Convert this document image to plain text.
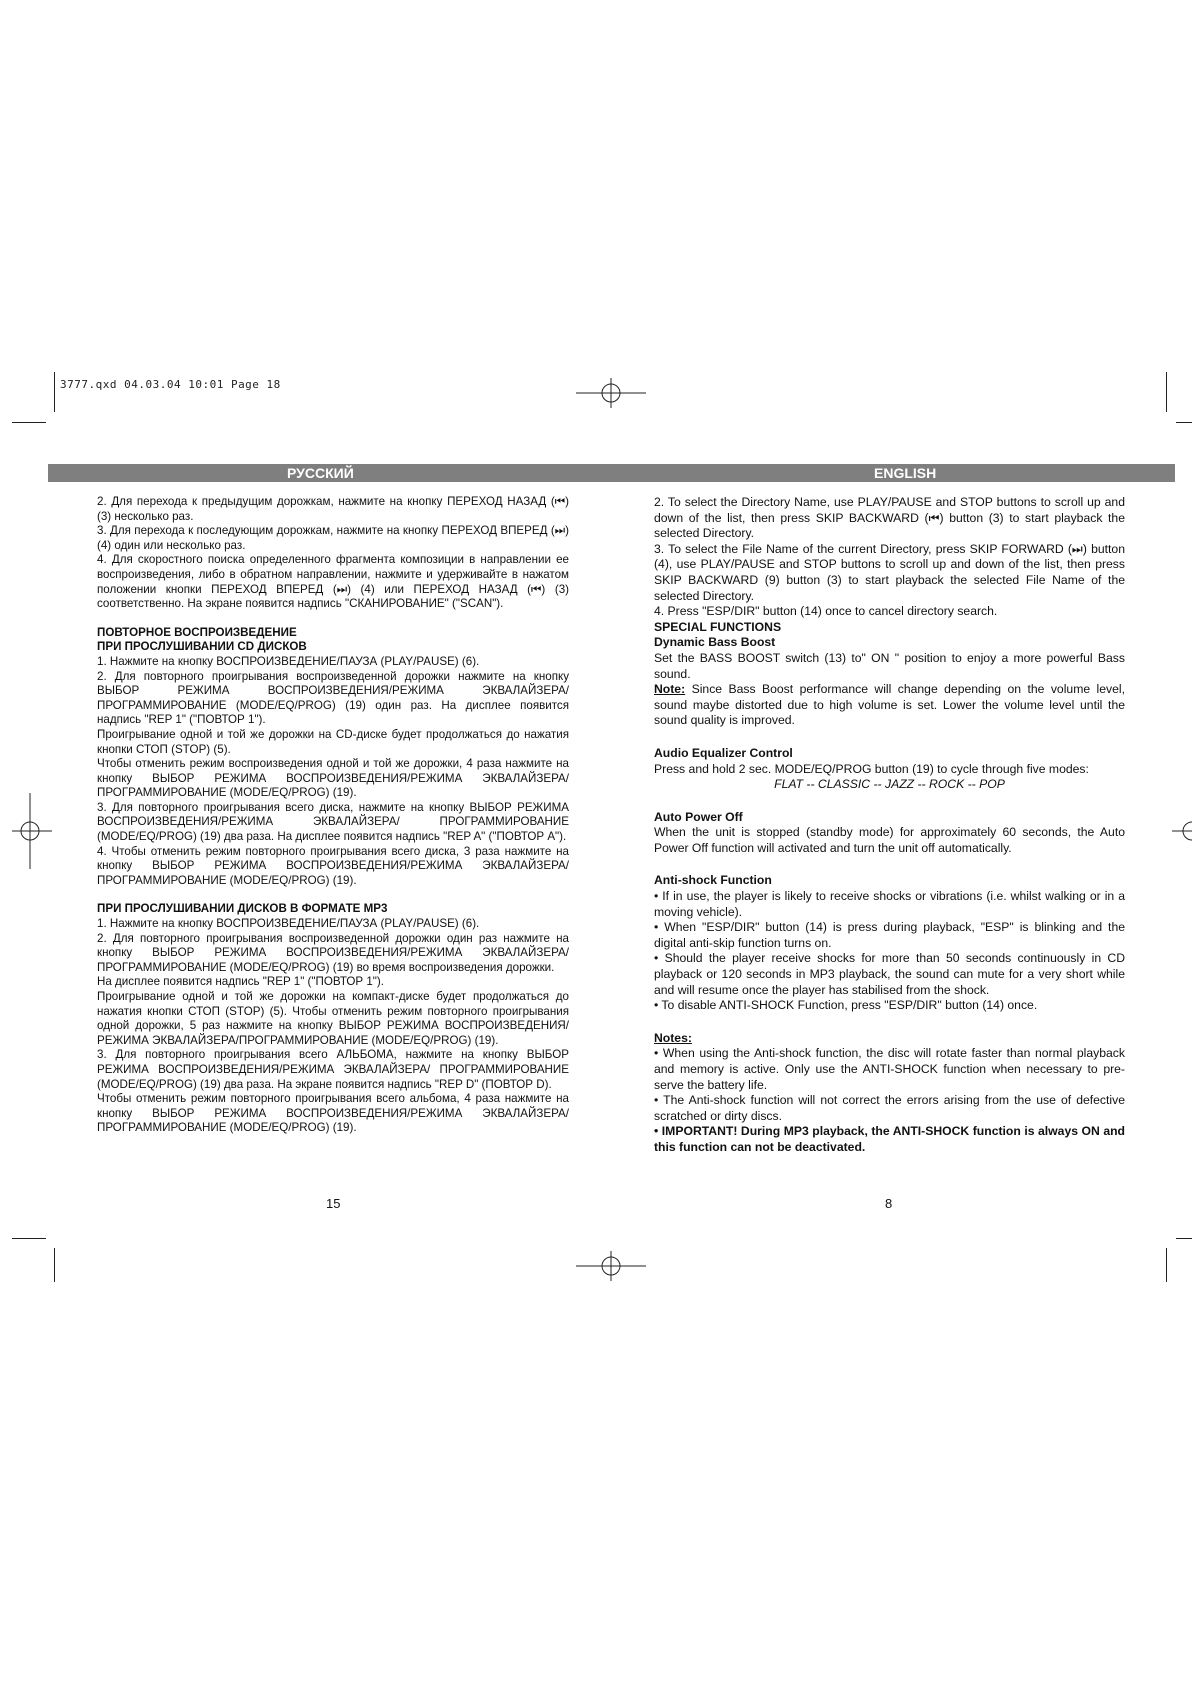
3777.qxd 04.03.04 10:01 Page 18
РУССКИЙ	ENGLISH

2. Для перехода к предыдущим дорожкам, нажмите на кнопку ПЕРЕХОД НАЗАД (⏮) (3) несколько раз.

3. Для перехода к последующим дорожкам, нажмите на кнопку ПЕРЕХОД ВПЕРЕД (⏭) (4) один или несколько раз.

4. Для скоростного поиска определенного фрагмента композиции в направлении ее воспроизведения, либо в обратном направлении, нажмите и удерживайте в нажатом положении кнопки ПЕРЕХОД ВПЕРЕД (⏭) (4) или ПЕРЕХОД НАЗАД (⏮) (3) соответственно. На экране появится надпись "СКАНИРОВАНИЕ" ("SCAN").

ПОВТОРНОЕ ВОСПРОИЗВЕДЕНИЕ
ПРИ ПРОСЛУШИВАНИИ CD ДИСКОВ

1. Нажмите на кнопку ВОСПРОИЗВЕДЕНИЕ/ПАУЗА (PLAY/PAUSE) (6).

2. Для повторного проигрывания воспроизведенной дорожки нажмите на кнопку ВЫБОР РЕЖИМА ВОСПРОИЗВЕДЕНИЯ/РЕЖИМА ЭКВАЛАЙЗЕРА/ ПРОГРАММИРОВАНИЕ (MODE/EQ/PROG) (19) один раз. На дисплее появится надпись "REP 1" ("ПОВТОР 1").

Проигрывание одной и той же дорожки на CD-диске будет продолжаться до нажатия кнопки СТОП (STOP) (5).

Чтобы отменить режим воспроизведения одной и той же дорожки, 4 раза нажмите на кнопку ВЫБОР РЕЖИМА ВОСПРОИЗВЕДЕНИЯ/РЕЖИМА ЭКВАЛАЙЗЕРА/ ПРОГРАММИРОВАНИЕ (MODE/EQ/PROG) (19).

3. Для повторного проигрывания всего диска, нажмите на кнопку ВЫБОР РЕЖИМА ВОСПРОИЗВЕДЕНИЯ/РЕЖИМА ЭКВАЛАЙЗЕРА/ ПРОГРАММИРОВАНИЕ (MODE/EQ/PROG) (19) два раза. На дисплее появится надпись "REP A" ("ПОВТОР A").

4. Чтобы отменить режим повторного проигрывания всего диска, 3 раза нажмите на кнопку ВЫБОР РЕЖИМА ВОСПРОИЗВЕДЕНИЯ/РЕЖИМА ЭКВАЛАЙЗЕРА/ ПРОГРАММИРОВАНИЕ (MODE/EQ/PROG) (19).

ПРИ ПРОСЛУШИВАНИИ ДИСКОВ В ФОРМАТЕ MP3

1. Нажмите на кнопку ВОСПРОИЗВЕДЕНИЕ/ПАУЗА (PLAY/PAUSE) (6).

2. Для повторного проигрывания воспроизведенной дорожки один раз нажмите на кнопку ВЫБОР РЕЖИМА ВОСПРОИЗВЕДЕНИЯ/РЕЖИМА ЭКВАЛАЙЗЕРА/ПРОГРАММИРОВАНИЕ (MODE/EQ/PROG) (19) во время воспроизведения дорожки.

На дисплее появится надпись "REP 1" ("ПОВТОР 1").

Проигрывание одной и той же дорожки на компакт-диске будет продолжаться до нажатия кнопки СТОП (STOP) (5). Чтобы отменить режим повторного проигрывания одной дорожки, 5 раз нажмите на кнопку ВЫБОР РЕЖИМА ВОСПРОИЗВЕДЕНИЯ/ РЕЖИМА ЭКВАЛАЙЗЕРА/ПРОГРАММИРОВАНИЕ (MODE/EQ/PROG) (19).

3. Для повторного проигрывания всего АЛЬБОМА, нажмите на кнопку ВЫБОР РЕЖИМА ВОСПРОИЗВЕДЕНИЯ/РЕЖИМА ЭКВАЛАЙЗЕРА/ ПРОГРАММИРОВАНИЕ (MODE/EQ/PROG) (19) два раза. На экране появится надпись "REP D" (ПОВТОР D).

Чтобы отменить режим повторного проигрывания всего альбома, 4 раза нажмите на кнопку ВЫБОР РЕЖИМА ВОСПРОИЗВЕДЕНИЯ/РЕЖИМА ЭКВАЛАЙЗЕРА/ ПРОГРАММИРОВАНИЕ (MODE/EQ/PROG) (19).

2. To select the Directory Name, use PLAY/PAUSE and STOP buttons to scroll up and down of the list, then press SKIP BACKWARD (⏮) button (3) to start playback the selected Directory.

3. To select the File Name of the current Directory, press SKIP FORWARD (⏭) button (4), use PLAY/PAUSE and STOP buttons to scroll up and down of the list, then press SKIP BACKWARD (9) button (3) to start playback the selected File Name of the selected Directory.

4. Press "ESP/DIR" button (14) once to cancel directory search.

SPECIAL FUNCTIONS
Dynamic Bass Boost

Set the BASS BOOST switch (13) to" ON " position to enjoy a more powerful Bass sound.

Note: Since Bass Boost performance will change depending on the volume level, sound maybe distorted due to high volume is set. Lower the volume level until the sound quality is improved.

Audio Equalizer Control

Press and hold 2 sec. MODE/EQ/PROG button (19) to cycle through five modes:

FLAT -- CLASSIC -- JAZZ -- ROCK -- POP

Auto Power Off

When the unit is stopped (standby mode) for approximately 60 seconds, the Auto Power Off function will activated and turn the unit off automatically.

Anti-shock Function

• If in use, the player is likely to receive shocks or vibrations (i.e. whilst walking or in a moving vehicle).

• When "ESP/DIR" button (14) is press during playback, "ESP" is blinking and the digital anti-skip function turns on.

• Should the player receive shocks for more than 50 seconds continuously in CD playback or 120 seconds in MP3 playback, the sound can mute for a very short while and will resume once the player has stabilised from the shock.

• To disable ANTI-SHOCK Function, press "ESP/DIR" button (14) once.

Notes:

• When using the Anti-shock function, the disc will rotate faster than normal playback and memory is active. Only use the ANTI-SHOCK function when necessary to pre-serve the battery life.

• The Anti-shock function will not correct the errors arising from the use of defective scratched or dirty discs.

• IMPORTANT! During MP3 playback, the ANTI-SHOCK function is always ON and this function can not be deactivated.

15	8
